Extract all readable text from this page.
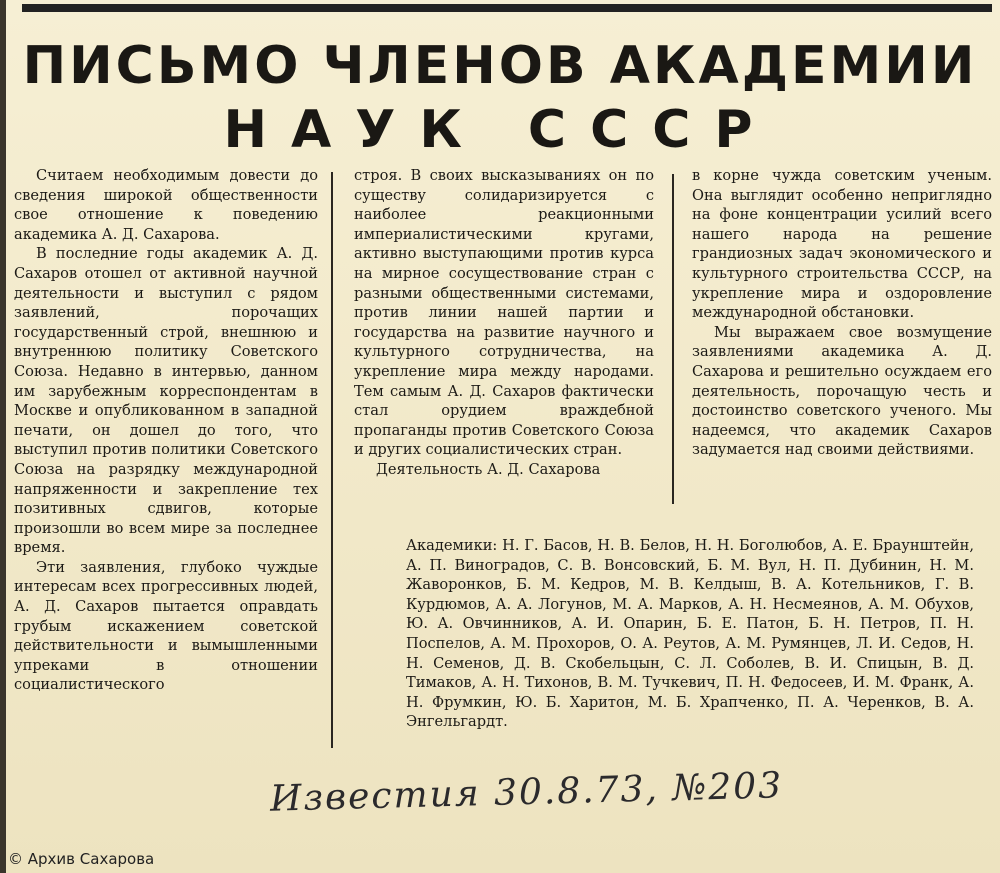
ПИСЬМО ЧЛЕНОВ АКАДЕМИИ
НАУК СССР

Считаем необходимым довести до сведения широкой общественности свое отношение к поведению академика А. Д. Сахарова.

В последние годы академик А. Д. Сахаров отошел от активной научной деятельности и выступил с рядом заявлений, порочащих государственный строй, внешнюю и внутреннюю политику Советского Союза. Недавно в интервью, данном им зарубежным корреспондентам в Москве и опубликованном в западной печати, он дошел до того, что выступил против политики Советского Союза на разрядку международной напряженности и закрепление тех позитивных сдвигов, которые произошли во всем мире за последнее время.

Эти заявления, глубоко чуждые интересам всех прогрессивных людей, А. Д. Сахаров пытается оправдать грубым искажением советской действительности и вымышленными упреками в отношении социалистического

строя. В своих высказываниях он по существу солидаризируется с наиболее реакционными империалистическими кругами, активно выступающими против курса на мирное сосуществование стран с разными общественными системами, против линии нашей партии и государства на развитие научного и культурного сотрудничества, на укрепление мира между народами. Тем самым А. Д. Сахаров фактически стал орудием враждебной пропаганды против Советского Союза и других социалистических стран.

Деятельность А. Д. Сахарова

в корне чужда советским ученым. Она выглядит особенно неприглядно на фоне концентрации усилий всего нашего народа на решение грандиозных задач экономического и культурного строительства СССР, на укрепление мира и оздоровление международной обстановки.

Мы выражаем свое возмущение заявлениями академика А. Д. Сахарова и решительно осуждаем его деятельность, порочащую честь и достоинство советского ученого. Мы надеемся, что академик Сахаров задумается над своими действиями.

Академики: Н. Г. Басов, Н. В. Белов, Н. Н. Боголюбов, А. Е. Браунштейн, А. П. Виноградов, С. В. Вонсовский, Б. М. Вул, Н. П. Дубинин, Н. М. Жаворонков, Б. М. Кедров, М. В. Келдыш, В. А. Котельников, Г. В. Курдюмов, А. А. Логунов, М. А. Марков, А. Н. Несмеянов, А. М. Обухов, Ю. А. Овчинников, А. И. Опарин, Б. Е. Патон, Б. Н. Петров, П. Н. Поспелов, А. М. Прохоров, О. А. Реутов, А. М. Румянцев, Л. И. Седов, Н. Н. Семенов, Д. В. Скобельцын, С. Л. Соболев, В. И. Спицын, В. Д. Тимаков, А. Н. Тихонов, В. М. Тучкевич, П. Н. Федосеев, И. М. Франк, А. Н. Фрумкин, Ю. Б. Харитон, М. Б. Храпченко, П. А. Черенков, В. А. Энгельгардт.
Известия 30.8.73, №203
© Архив Сахарова
